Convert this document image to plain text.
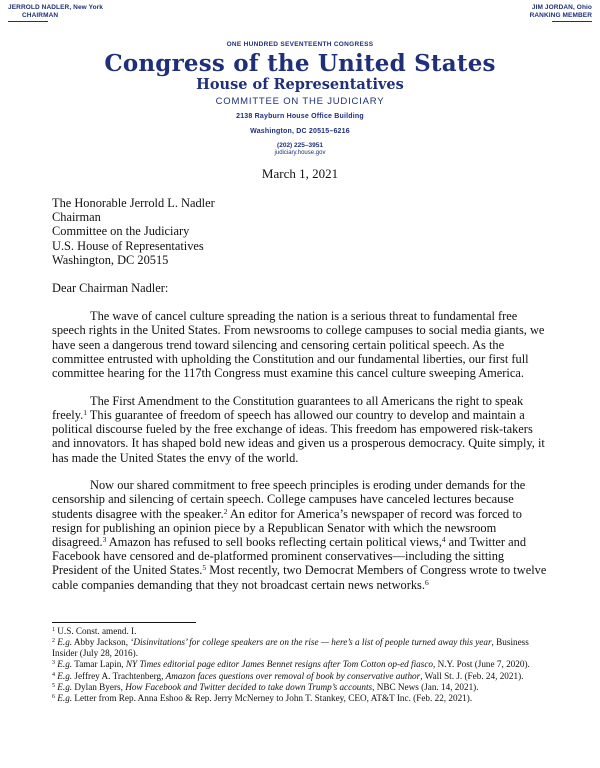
JERROLD NADLER, New York
CHAIRMAN
JIM JORDAN, Ohio
RANKING MEMBER
ONE HUNDRED SEVENTEENTH CONGRESS
Congress of the United States
House of Representatives
COMMITTEE ON THE JUDICIARY
2138 Rayburn House Office Building
Washington, DC 20515–6216
(202) 225–3951
judiciary.house.gov
March 1, 2021

The Honorable Jerrold L. Nadler

Chairman

Committee on the Judiciary

U.S. House of Representatives

Washington, DC 20515

Dear Chairman Nadler:

The wave of cancel culture spreading the nation is a serious threat to fundamental free speech rights in the United States. From newsrooms to college campuses to social media giants, we have seen a dangerous trend toward silencing and censoring certain political speech. As the committee entrusted with upholding the Constitution and our fundamental liberties, our first full committee hearing for the 117th Congress must examine this cancel culture sweeping America.

The First Amendment to the Constitution guarantees to all Americans the right to speak freely.$^1$ This guarantee of freedom of speech has allowed our country to develop and maintain a political discourse fueled by the free exchange of ideas. This freedom has empowered risk-takers and innovators. It has shaped bold new ideas and given us a prosperous democracy. Quite simply, it has made the United States the envy of the world.

Now our shared commitment to free speech principles is eroding under demands for the censorship and silencing of certain speech. College campuses have canceled lectures because students disagree with the speaker.$^2$ An editor for America’s newspaper of record was forced to resign for publishing an opinion piece by a Republican Senator with which the newsroom disagreed.$^3$ Amazon has refused to sell books reflecting certain political views,$^4$ and Twitter and Facebook have censored and de-platformed prominent conservatives—including the sitting President of the United States.$^5$ Most recently, two Democrat Members of Congress wrote to twelve cable companies demanding that they not broadcast certain news networks.$^6$

$^1$ U.S. Const. amend. I.

$^2$ E.g. Abby Jackson, ‘Disinvitations’ for college speakers are on the rise — here’s a list of people turned away this year, Business Insider (July 28, 2016).

$^3$ E.g. Tamar Lapin, NY Times editorial page editor James Bennet resigns after Tom Cotton op-ed fiasco, N.Y. Post (June 7, 2020).

$^4$ E.g. Jeffrey A. Trachtenberg, Amazon faces questions over removal of book by conservative author, Wall St. J. (Feb. 24, 2021).

$^5$ E.g. Dylan Byers, How Facebook and Twitter decided to take down Trump’s accounts, NBC News (Jan. 14, 2021).

$^6$ E.g. Letter from Rep. Anna Eshoo & Rep. Jerry McNerney to John T. Stankey, CEO, AT&T Inc. (Feb. 22, 2021).
